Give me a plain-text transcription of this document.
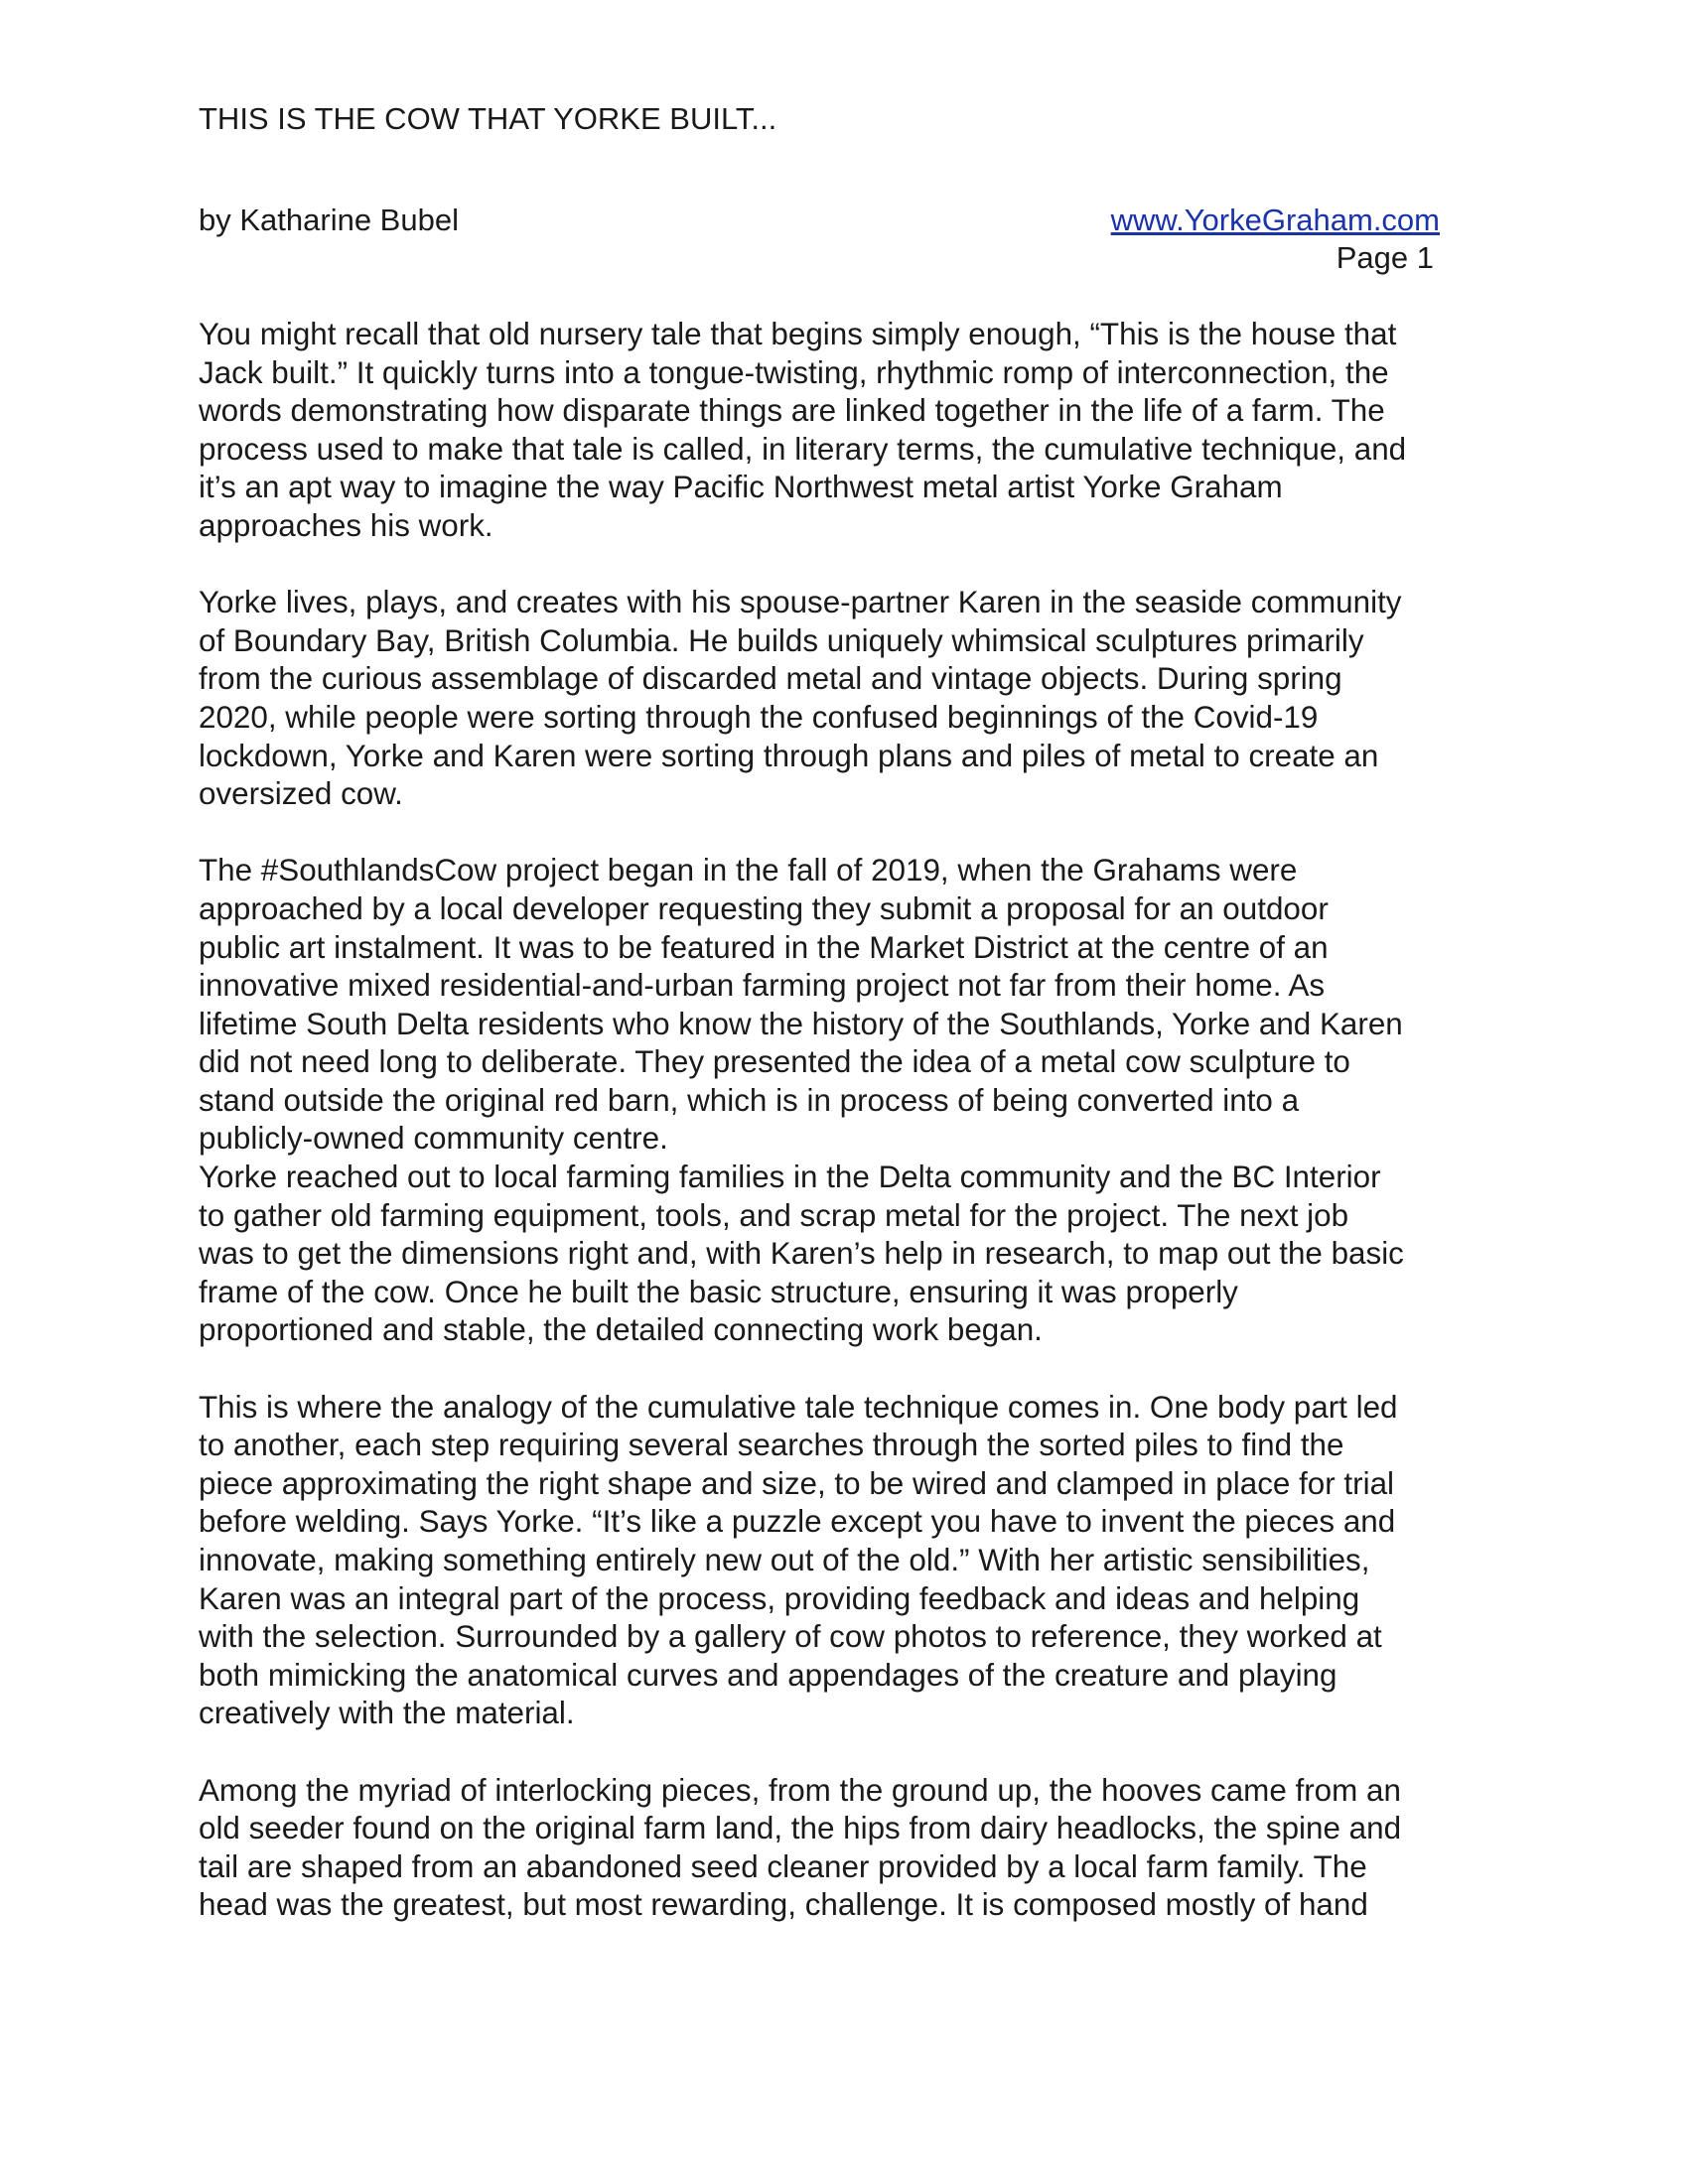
THIS IS THE COW THAT YORKE BUILT...
by Katharine Bubel	www.YorkeGraham.com
Page 1

You might recall that old nursery tale that begins simply enough, “This is the house that

Jack built.” It quickly turns into a tongue-twisting, rhythmic romp of interconnection, the

words demonstrating how disparate things are linked together in the life of a farm. The

process used to make that tale is called, in literary terms, the cumulative technique, and

it’s an apt way to imagine the way Pacific Northwest metal artist Yorke Graham

approaches his work.

Yorke lives, plays, and creates with his spouse-partner Karen in the seaside community

of Boundary Bay, British Columbia. He builds uniquely whimsical sculptures primarily

from the curious assemblage of discarded metal and vintage objects. During spring

2020, while people were sorting through the confused beginnings of the Covid-19

lockdown, Yorke and Karen were sorting through plans and piles of metal to create an

oversized cow.

The #SouthlandsCow project began in the fall of 2019, when the Grahams were

approached by a local developer requesting they submit a proposal for an outdoor

public art instalment. It was to be featured in the Market District at the centre of an

innovative mixed residential-and-urban farming project not far from their home. As

lifetime South Delta residents who know the history of the Southlands, Yorke and Karen

did not need long to deliberate. They presented the idea of a metal cow sculpture to

stand outside the original red barn, which is in process of being converted into a

publicly-owned community centre.

Yorke reached out to local farming families in the Delta community and the BC Interior

to gather old farming equipment, tools, and scrap metal for the project. The next job

was to get the dimensions right and, with Karen’s help in research, to map out the basic

frame of the cow. Once he built the basic structure, ensuring it was properly

proportioned and stable, the detailed connecting work began.

This is where the analogy of the cumulative tale technique comes in. One body part led

to another, each step requiring several searches through the sorted piles to find the

piece approximating the right shape and size, to be wired and clamped in place for trial

before welding. Says Yorke. “It’s like a puzzle except you have to invent the pieces and

innovate, making something entirely new out of the old.” With her artistic sensibilities,

Karen was an integral part of the process, providing feedback and ideas and helping

with the selection. Surrounded by a gallery of cow photos to reference, they worked at

both mimicking the anatomical curves and appendages of the creature and playing

creatively with the material.

Among the myriad of interlocking pieces, from the ground up, the hooves came from an

old seeder found on the original farm land, the hips from dairy headlocks, the spine and

tail are shaped from an abandoned seed cleaner provided by a local farm family. The

head was the greatest, but most rewarding, challenge. It is composed mostly of hand
